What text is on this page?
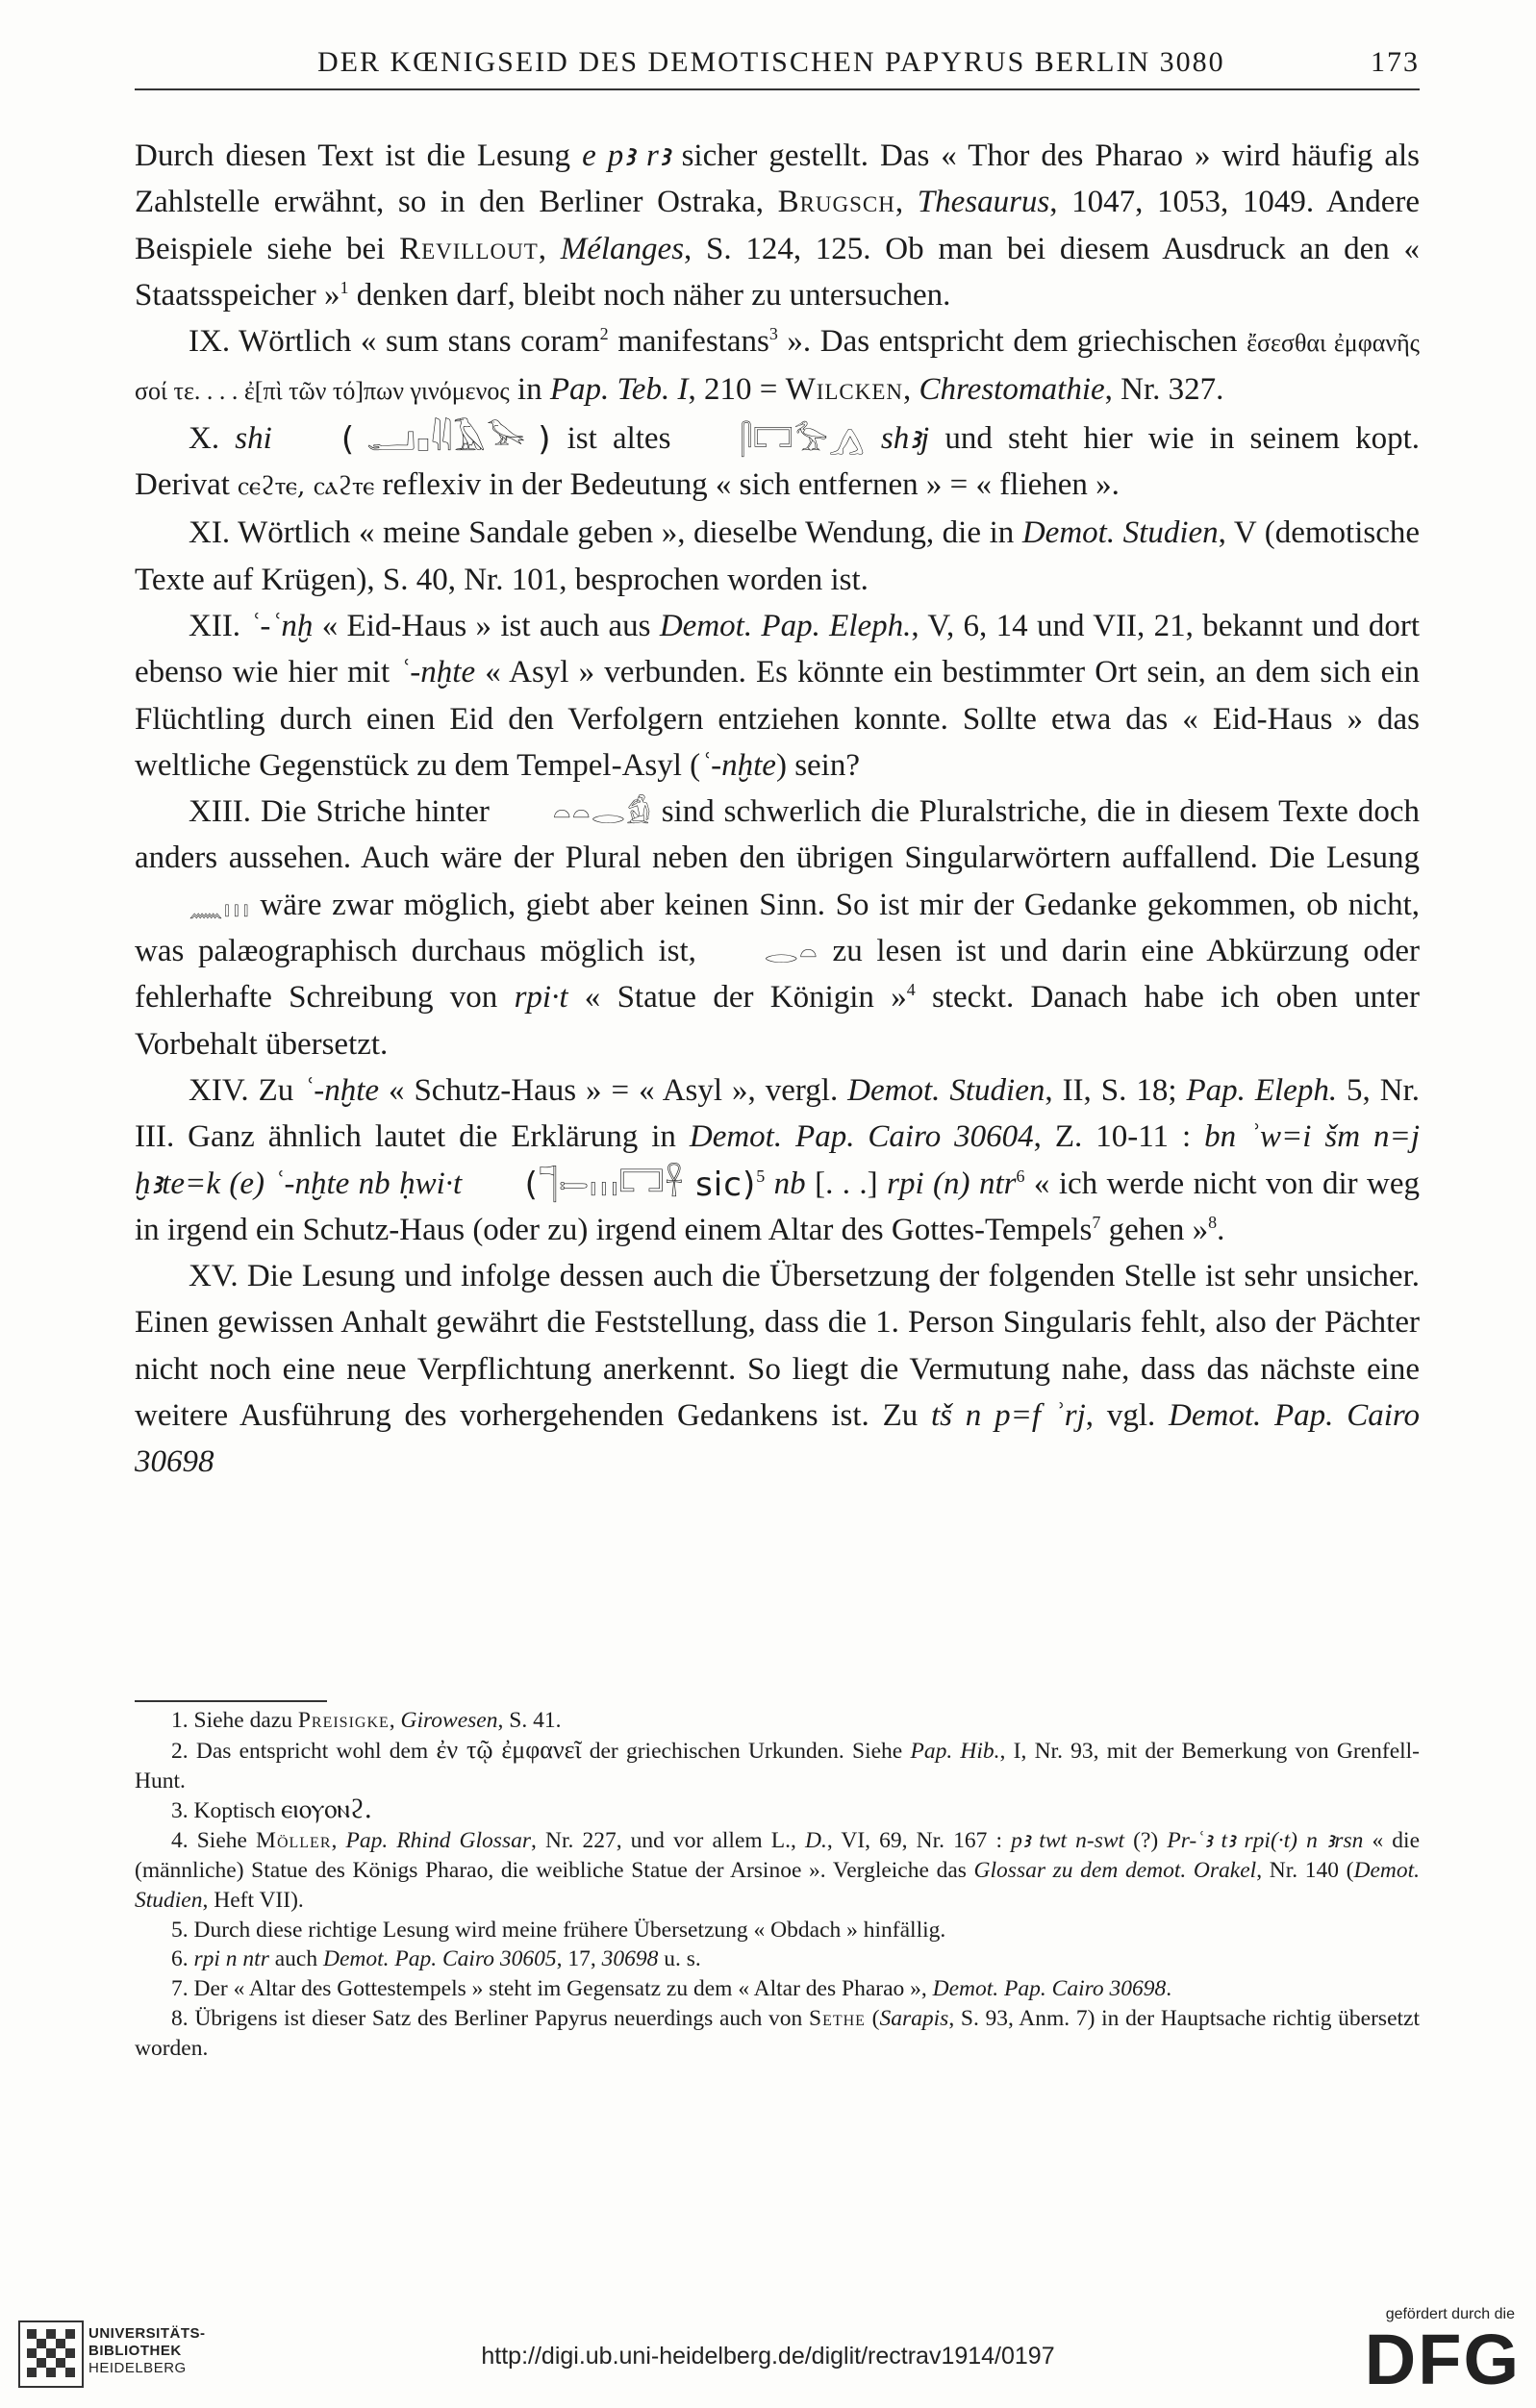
DER KŒNIGSEID DES DEMOTISCHEN PAPYRUS BERLIN 3080	173

Durch diesen Text ist die Lesung e pꜣ rꜣ sicher gestellt. Das « Thor des Pharao » wird häufig als Zahlstelle erwähnt, so in den Berliner Ostraka, Brugsch, Thesaurus, 1047, 1053, 1049. Andere Beispiele siehe bei Revillout, Mélanges, S. 124, 125. Ob man bei diesem Ausdruck an den « Staatsspeicher »$^1$ denken darf, bleibt noch näher zu untersuchen.

IX. Wörtlich « sum stans coram$^2$ manifestans$^3$ ». Das entspricht dem griechischen ἔσεσθαι ἐμφανῆς σοί τε. . . . ἐ[πὶ τῶν τό]πων γινόμενος in Pap. Teb. I, 210 = Wilcken, Chrestomathie, Nr. 327.

X. shi ( 𓂝𓊪𓇌𓄿𓅨 ) ist altes 𓋴𓉐𓅡𓂻 shꜣj und steht hier wie in seinem kopt. Derivat ⲥⲉϩⲧⲉ, ⲥⲁϩⲧⲉ reflexiv in der Bedeutung « sich entfernen » = « fliehen ».

XI. Wörtlich « meine Sandale geben », dieselbe Wendung, die in Demot. Studien, V (demotische Texte auf Krügen), S. 40, Nr. 101, besprochen worden ist.

XII. ʿ-ʿnḫ « Eid-Haus » ist auch aus Demot. Pap. Eleph., V, 6, 14 und VII, 21, bekannt und dort ebenso wie hier mit ʿ-nḫte « Asyl » verbunden. Es könnte ein bestimmter Ort sein, an dem sich ein Flüchtling durch einen Eid den Verfolgern entziehen konnte. Sollte etwa das « Eid-Haus » das weltliche Gegenstück zu dem Tempel-Asyl (ʿ-nḫte) sein?

XIII. Die Striche hinter 𓏏𓏏𓂋𓀁 sind schwerlich die Pluralstriche, die in diesem Texte doch anders aussehen. Auch wäre der Plural neben den übrigen Singularwörtern auffallend. Die Lesung 𓈖𓏥 wäre zwar möglich, giebt aber keinen Sinn. So ist mir der Gedanke gekommen, ob nicht, was palæographisch durchaus möglich ist, 𓂋𓏏 zu lesen ist und darin eine Abkürzung oder fehlerhafte Schreibung von rpi·t « Statue der Königin »$^4$ steckt. Danach habe ich oben unter Vorbehalt übersetzt.

XIV. Zu ʿ-nḫte « Schutz-Haus » = « Asyl », vergl. Demot. Studien, II, S. 18; Pap. Eleph. 5, Nr. III. Ganz ähnlich lautet die Erklärung in Demot. Pap. Cairo 30604, Z. 10-11 : bn ʾw=i šm n=j ḫꜣte=k (e) ʿ-nḫte nb ḥwi·t (𓊹𓍿𓏥𓉐𓋹 sic)$^5$ nb [. . .] rpi (n) ntr$^6$ « ich werde nicht von dir weg in irgend ein Schutz-Haus (oder zu) irgend einem Altar des Gottes-Tempels$^7$ gehen »$^8$.

XV. Die Lesung und infolge dessen auch die Übersetzung der folgenden Stelle ist sehr unsicher. Einen gewissen Anhalt gewährt die Feststellung, dass die 1. Person Singularis fehlt, also der Pächter nicht noch eine neue Verpflichtung anerkennt. So liegt die Vermutung nahe, dass das nächste eine weitere Ausführung des vorhergehenden Gedankens ist. Zu tš n p=f ʾrj, vgl. Demot. Pap. Cairo 30698

1. Siehe dazu Preisigke, Girowesen, S. 41.

2. Das entspricht wohl dem ἐν τῷ ἐμφανεῖ der griechischen Urkunden. Siehe Pap. Hib., I, Nr. 93, mit der Bemerkung von Grenfell-Hunt.

3. Koptisch ⲉⲓⲟⲩⲟⲛϩ.

4. Siehe Möller, Pap. Rhind Glossar, Nr. 227, und vor allem L., D., VI, 69, Nr. 167 : pꜣ twt n-swt (?) Pr-ʿꜣ tꜣ rpi(·t) n ꜣrsn « die (männliche) Statue des Königs Pharao, die weibliche Statue der Arsinoe ». Vergleiche das Glossar zu dem demot. Orakel, Nr. 140 (Demot. Studien, Heft VII).

5. Durch diese richtige Lesung wird meine frühere Übersetzung « Obdach » hinfällig.

6. rpi n ntr auch Demot. Pap. Cairo 30605, 17, 30698 u. s.

7. Der « Altar des Gottestempels » steht im Gegensatz zu dem « Altar des Pharao », Demot. Pap. Cairo 30698.

8. Übrigens ist dieser Satz des Berliner Papyrus neuerdings auch von Sethe (Sarapis, S. 93, Anm. 7) in der Hauptsache richtig übersetzt worden.

UNIVERSITÄTS-
BIBLIOTHEK
HEIDELBERG	http://digi.ub.uni-heidelberg.de/diglit/rectrav1914/0197
gefördert durch die
DFG
